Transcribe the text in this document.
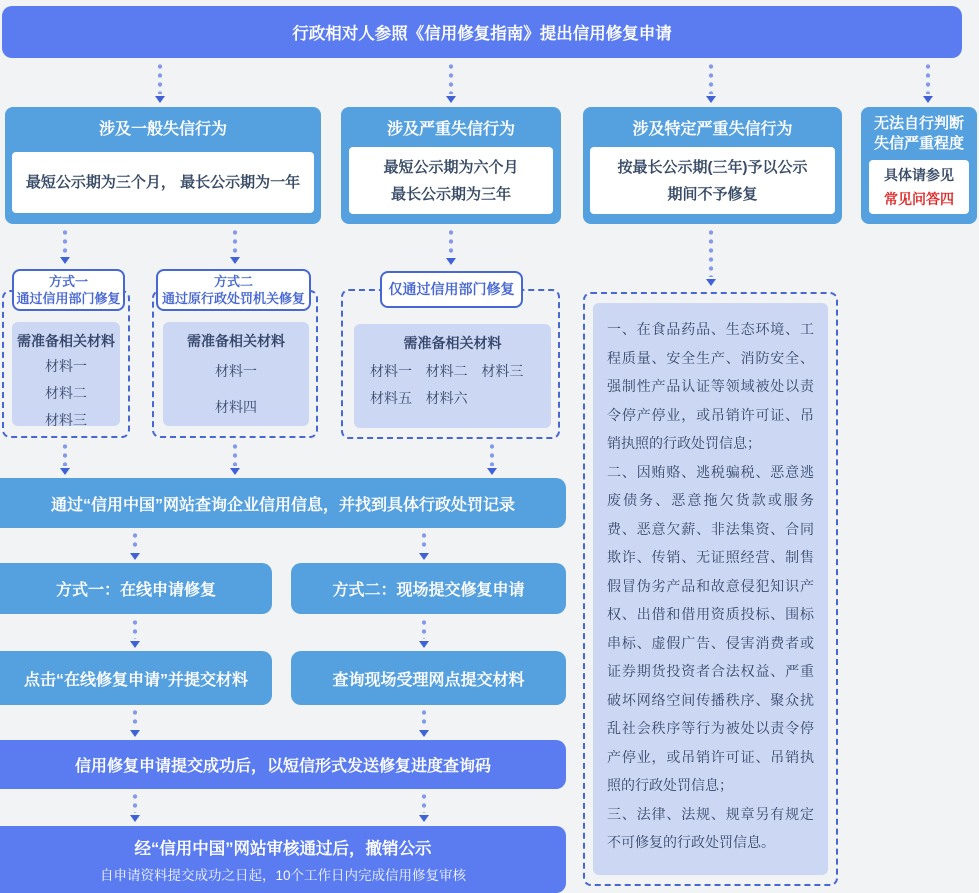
行政相对人参照《信用修复指南》提出信用修复申请
涉及一般失信行为
最短公示期为三个月， 最长公示期为一年
涉及严重失信行为
最短公示期为六个月
最长公示期为三年
涉及特定严重失信行为
按最长公示期(三年)予以公示
期间不予修复
无法自行判断
失信严重程度
具体请参见
常见问答四
方式一
通过信用部门修复
方式二
通过原行政处罚机关修复
仅通过信用部门修复
需准备相关材料
材料一
材料二
材料三
需准备相关材料
材料一
材料四
需准备相关材料
材料一 材料二 材料三
材料五 材料六

一、在食品药品、生态环境、工程质量、安全生产、消防安全、强制性产品认证等领域被处以责令停产停业，或吊销许可证、吊销执照的行政处罚信息；

二、因贿赂、逃税骗税、恶意逃废债务、恶意拖欠货款或服务费、恶意欠薪、非法集资、合同欺诈、传销、无证照经营、制售假冒伪劣产品和故意侵犯知识产权、出借和借用资质投标、围标串标、虚假广告、侵害消费者或证券期货投资者合法权益、严重破坏网络空间传播秩序、聚众扰乱社会秩序等行为被处以责令停产停业，或吊销许可证、吊销执照的行政处罚信息；

三、法律、法规、规章另有规定不可修复的行政处罚信息。

通过“信用中国”网站查询企业信用信息，并找到具体行政处罚记录
方式一：在线申请修复	方式二：现场提交修复申请
点击“在线修复申请”并提交材料	查询现场受理网点提交材料
信用修复申请提交成功后，以短信形式发送修复进度查询码
经“信用中国”网站审核通过后，撤销公示
自申请资料提交成功之日起，10个工作日内完成信用修复审核
